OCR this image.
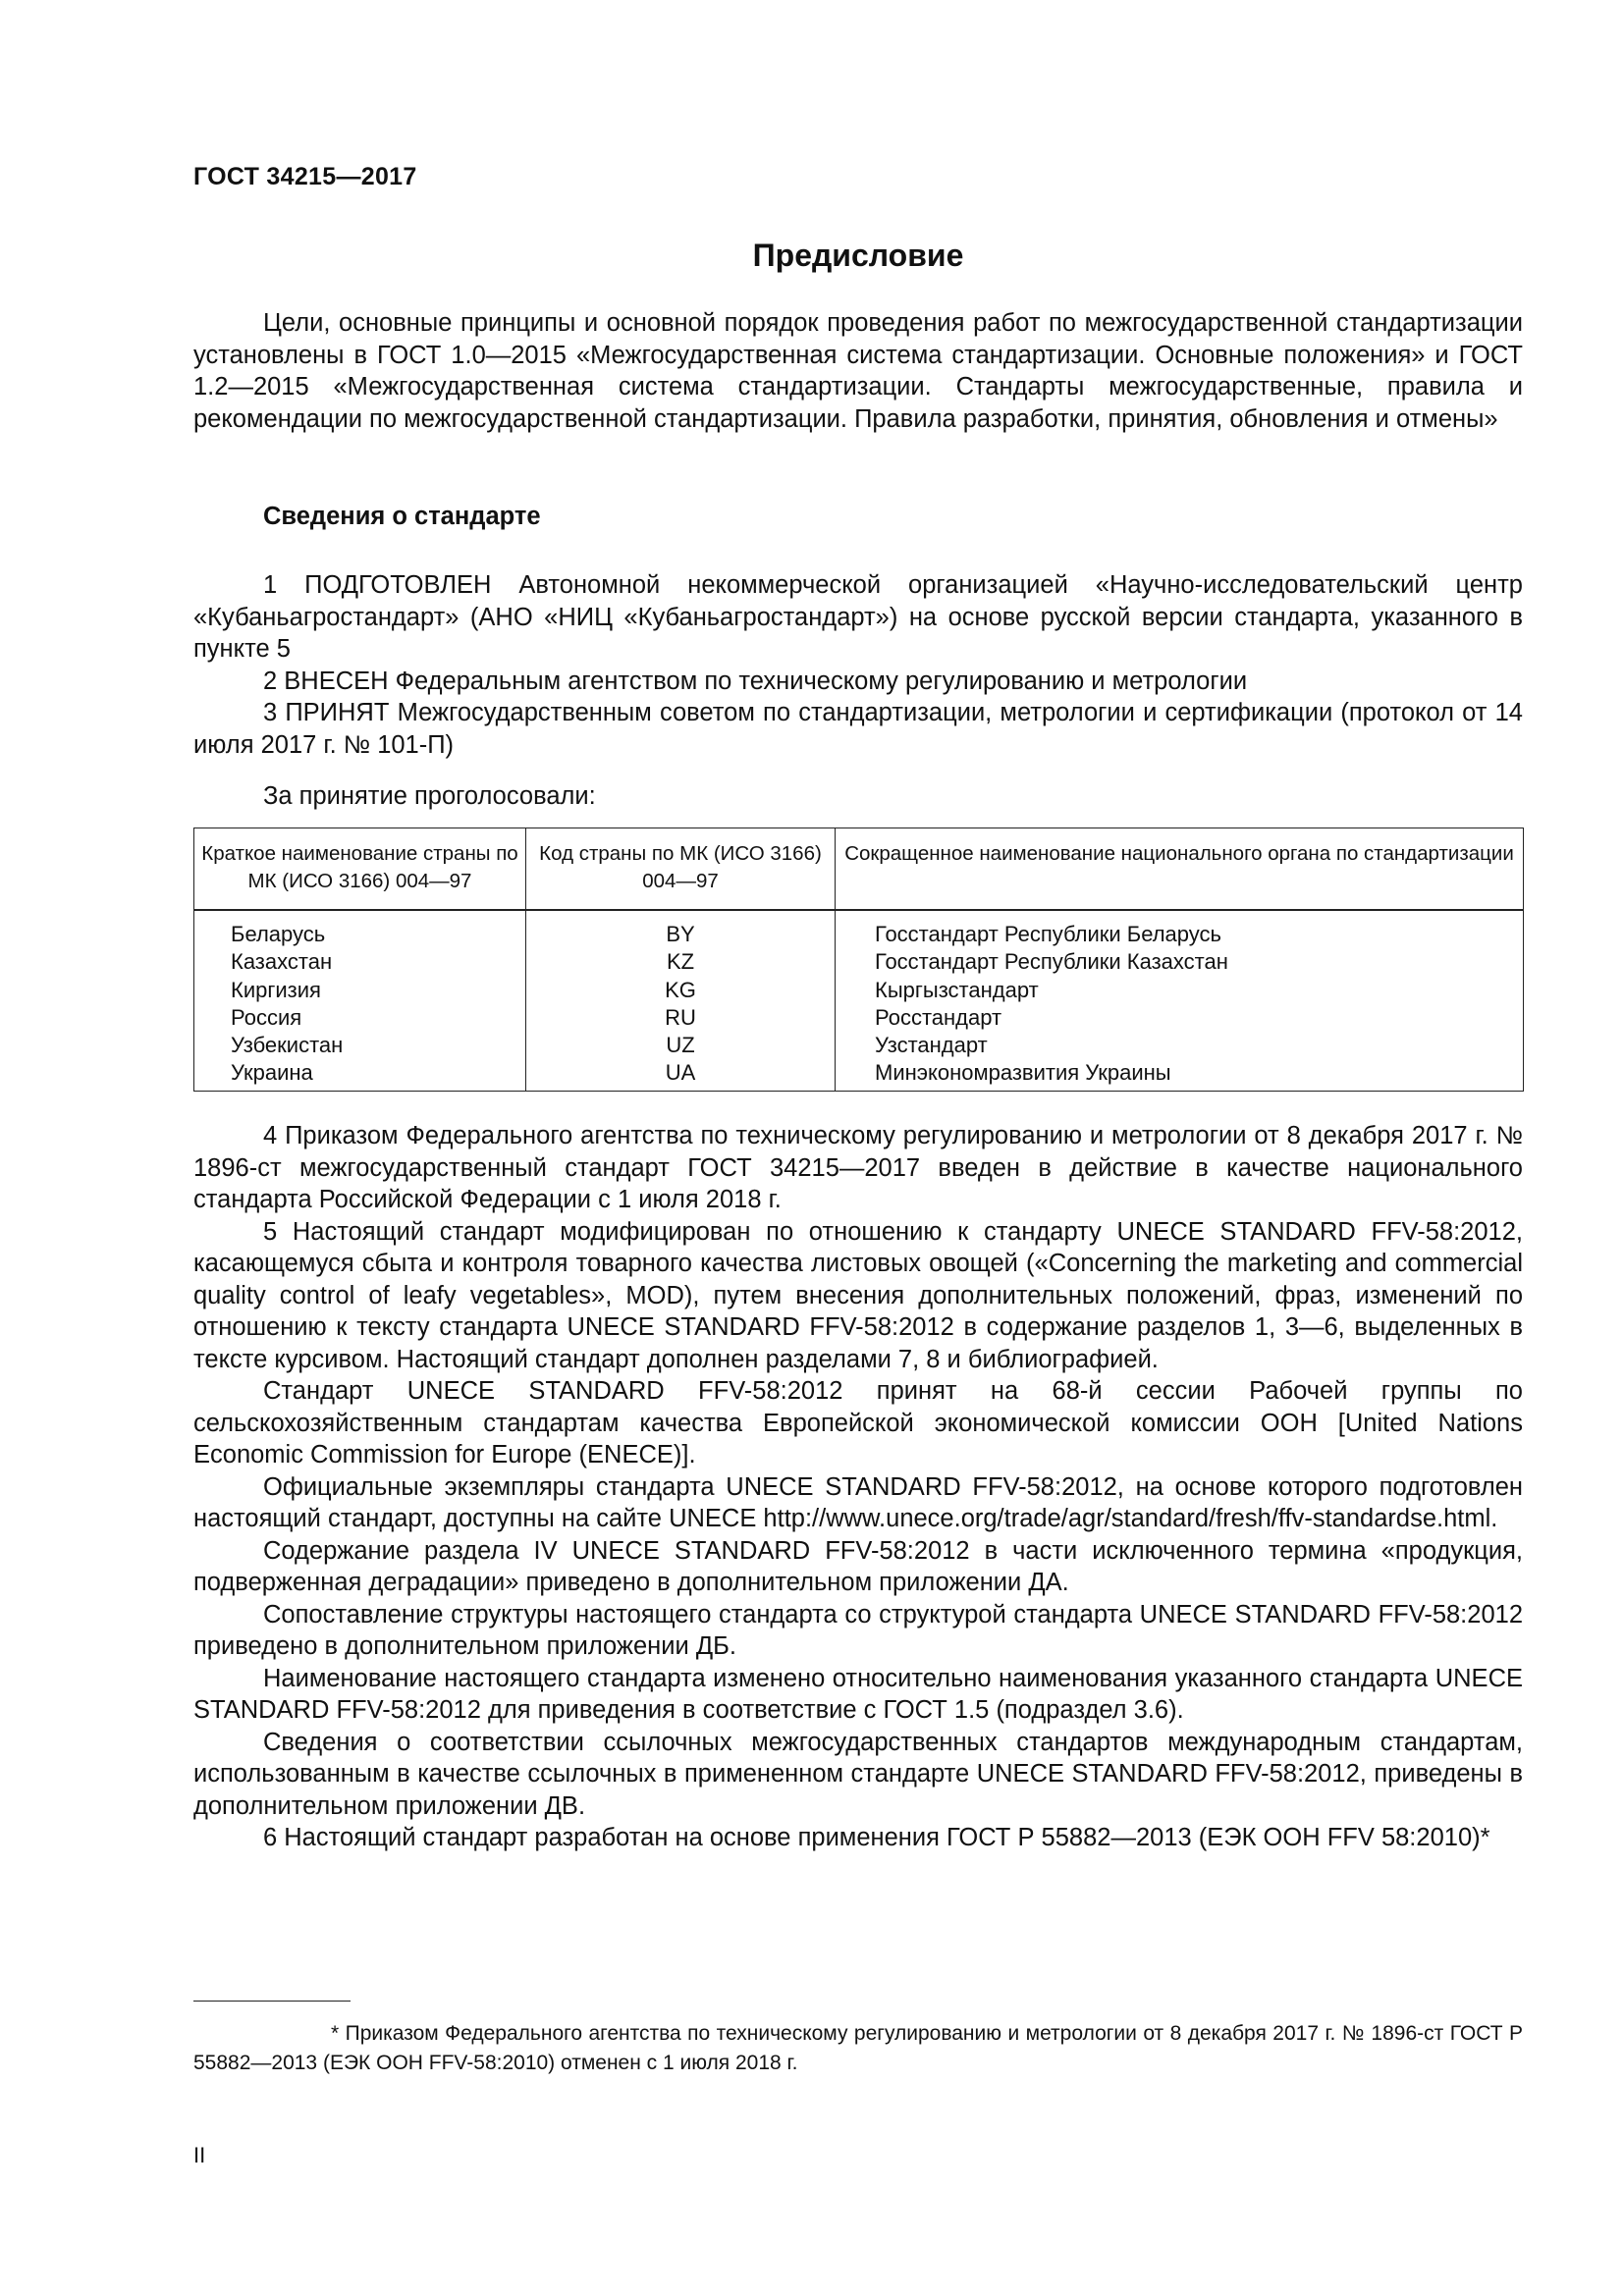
ГОСТ 34215—2017
Предисловие

Цели, основные принципы и основной порядок проведения работ по межгосударственной стандартизации установлены в ГОСТ 1.0—2015 «Межгосударственная система стандартизации. Основные положения» и ГОСТ 1.2—2015 «Межгосударственная система стандартизации. Стандарты межгосударственные, правила и рекомендации по межгосударственной стандартизации. Правила разработки, принятия, обновления и отмены»

Сведения о стандарте

1 ПОДГОТОВЛЕН Автономной некоммерческой организацией «Научно-исследовательский центр «Кубаньагростандарт» (АНО «НИЦ «Кубаньагростандарт») на основе русской версии стандарта, указанного в пункте 5

2 ВНЕСЕН Федеральным агентством по техническому регулированию и метрологии

3 ПРИНЯТ Межгосударственным советом по стандартизации, метрологии и сертификации (протокол от 14 июля 2017 г. № 101-П)

За принятие проголосовали:
Краткое наименование страны по МК (ИСО 3166) 004—97	Код страны по МК (ИСО 3166) 004—97	Сокращенное наименование национального органа по стандартизации
Беларусь	BY	Госстандарт Республики Беларусь
Казахстан	KZ	Госстандарт Республики Казахстан
Киргизия	KG	Кыргызстандарт
Россия	RU	Росстандарт
Узбекистан	UZ	Узстандарт
Украина	UA	Минэкономразвития Украины

4 Приказом Федерального агентства по техническому регулированию и метрологии от 8 декабря 2017 г. № 1896-ст межгосударственный стандарт ГОСТ 34215—2017 введен в действие в качестве национального стандарта Российской Федерации с 1 июля 2018 г.

5 Настоящий стандарт модифицирован по отношению к стандарту UNECE STANDARD FFV-58:2012, касающемуся сбыта и контроля товарного качества листовых овощей («Concerning the marketing and commercial quality control of leafy vegetables», MOD), путем внесения дополнительных положений, фраз, изменений по отношению к тексту стандарта UNECE STANDARD FFV-58:2012 в содержание разделов 1, 3—6, выделенных в тексте курсивом. Настоящий стандарт дополнен разделами 7, 8 и библиографией.

Стандарт UNECE STANDARD FFV-58:2012 принят на 68-й сессии Рабочей группы по сельскохозяйственным стандартам качества Европейской экономической комиссии ООН [United Nations Economic Commission for Europe (ENECE)].

Официальные экземпляры стандарта UNECE STANDARD FFV-58:2012, на основе которого подготовлен настоящий стандарт, доступны на сайте UNECE http://www.unece.org/trade/agr/standard/fresh/ffv-standardse.html.

Содержание раздела IV UNECE STANDARD FFV-58:2012 в части исключенного термина «продукция, подверженная деградации» приведено в дополнительном приложении ДА.

Сопоставление структуры настоящего стандарта со структурой стандарта UNECE STANDARD FFV-58:2012 приведено в дополнительном приложении ДБ.

Наименование настоящего стандарта изменено относительно наименования указанного стандарта UNECE STANDARD FFV-58:2012 для приведения в соответствие с ГОСТ 1.5 (подраздел 3.6).

Сведения о соответствии ссылочных межгосударственных стандартов международным стандартам, использованным в качестве ссылочных в примененном стандарте UNECE STANDARD FFV-58:2012, приведены в дополнительном приложении ДВ.

6 Настоящий стандарт разработан на основе применения ГОСТ Р 55882—2013 (ЕЭК ООН FFV 58:2010)*

* Приказом Федерального агентства по техническому регулированию и метрологии от 8 декабря 2017 г. № 1896-ст ГОСТ Р 55882—2013 (ЕЭК ООН FFV-58:2010) отменен с 1 июля 2018 г.

II
